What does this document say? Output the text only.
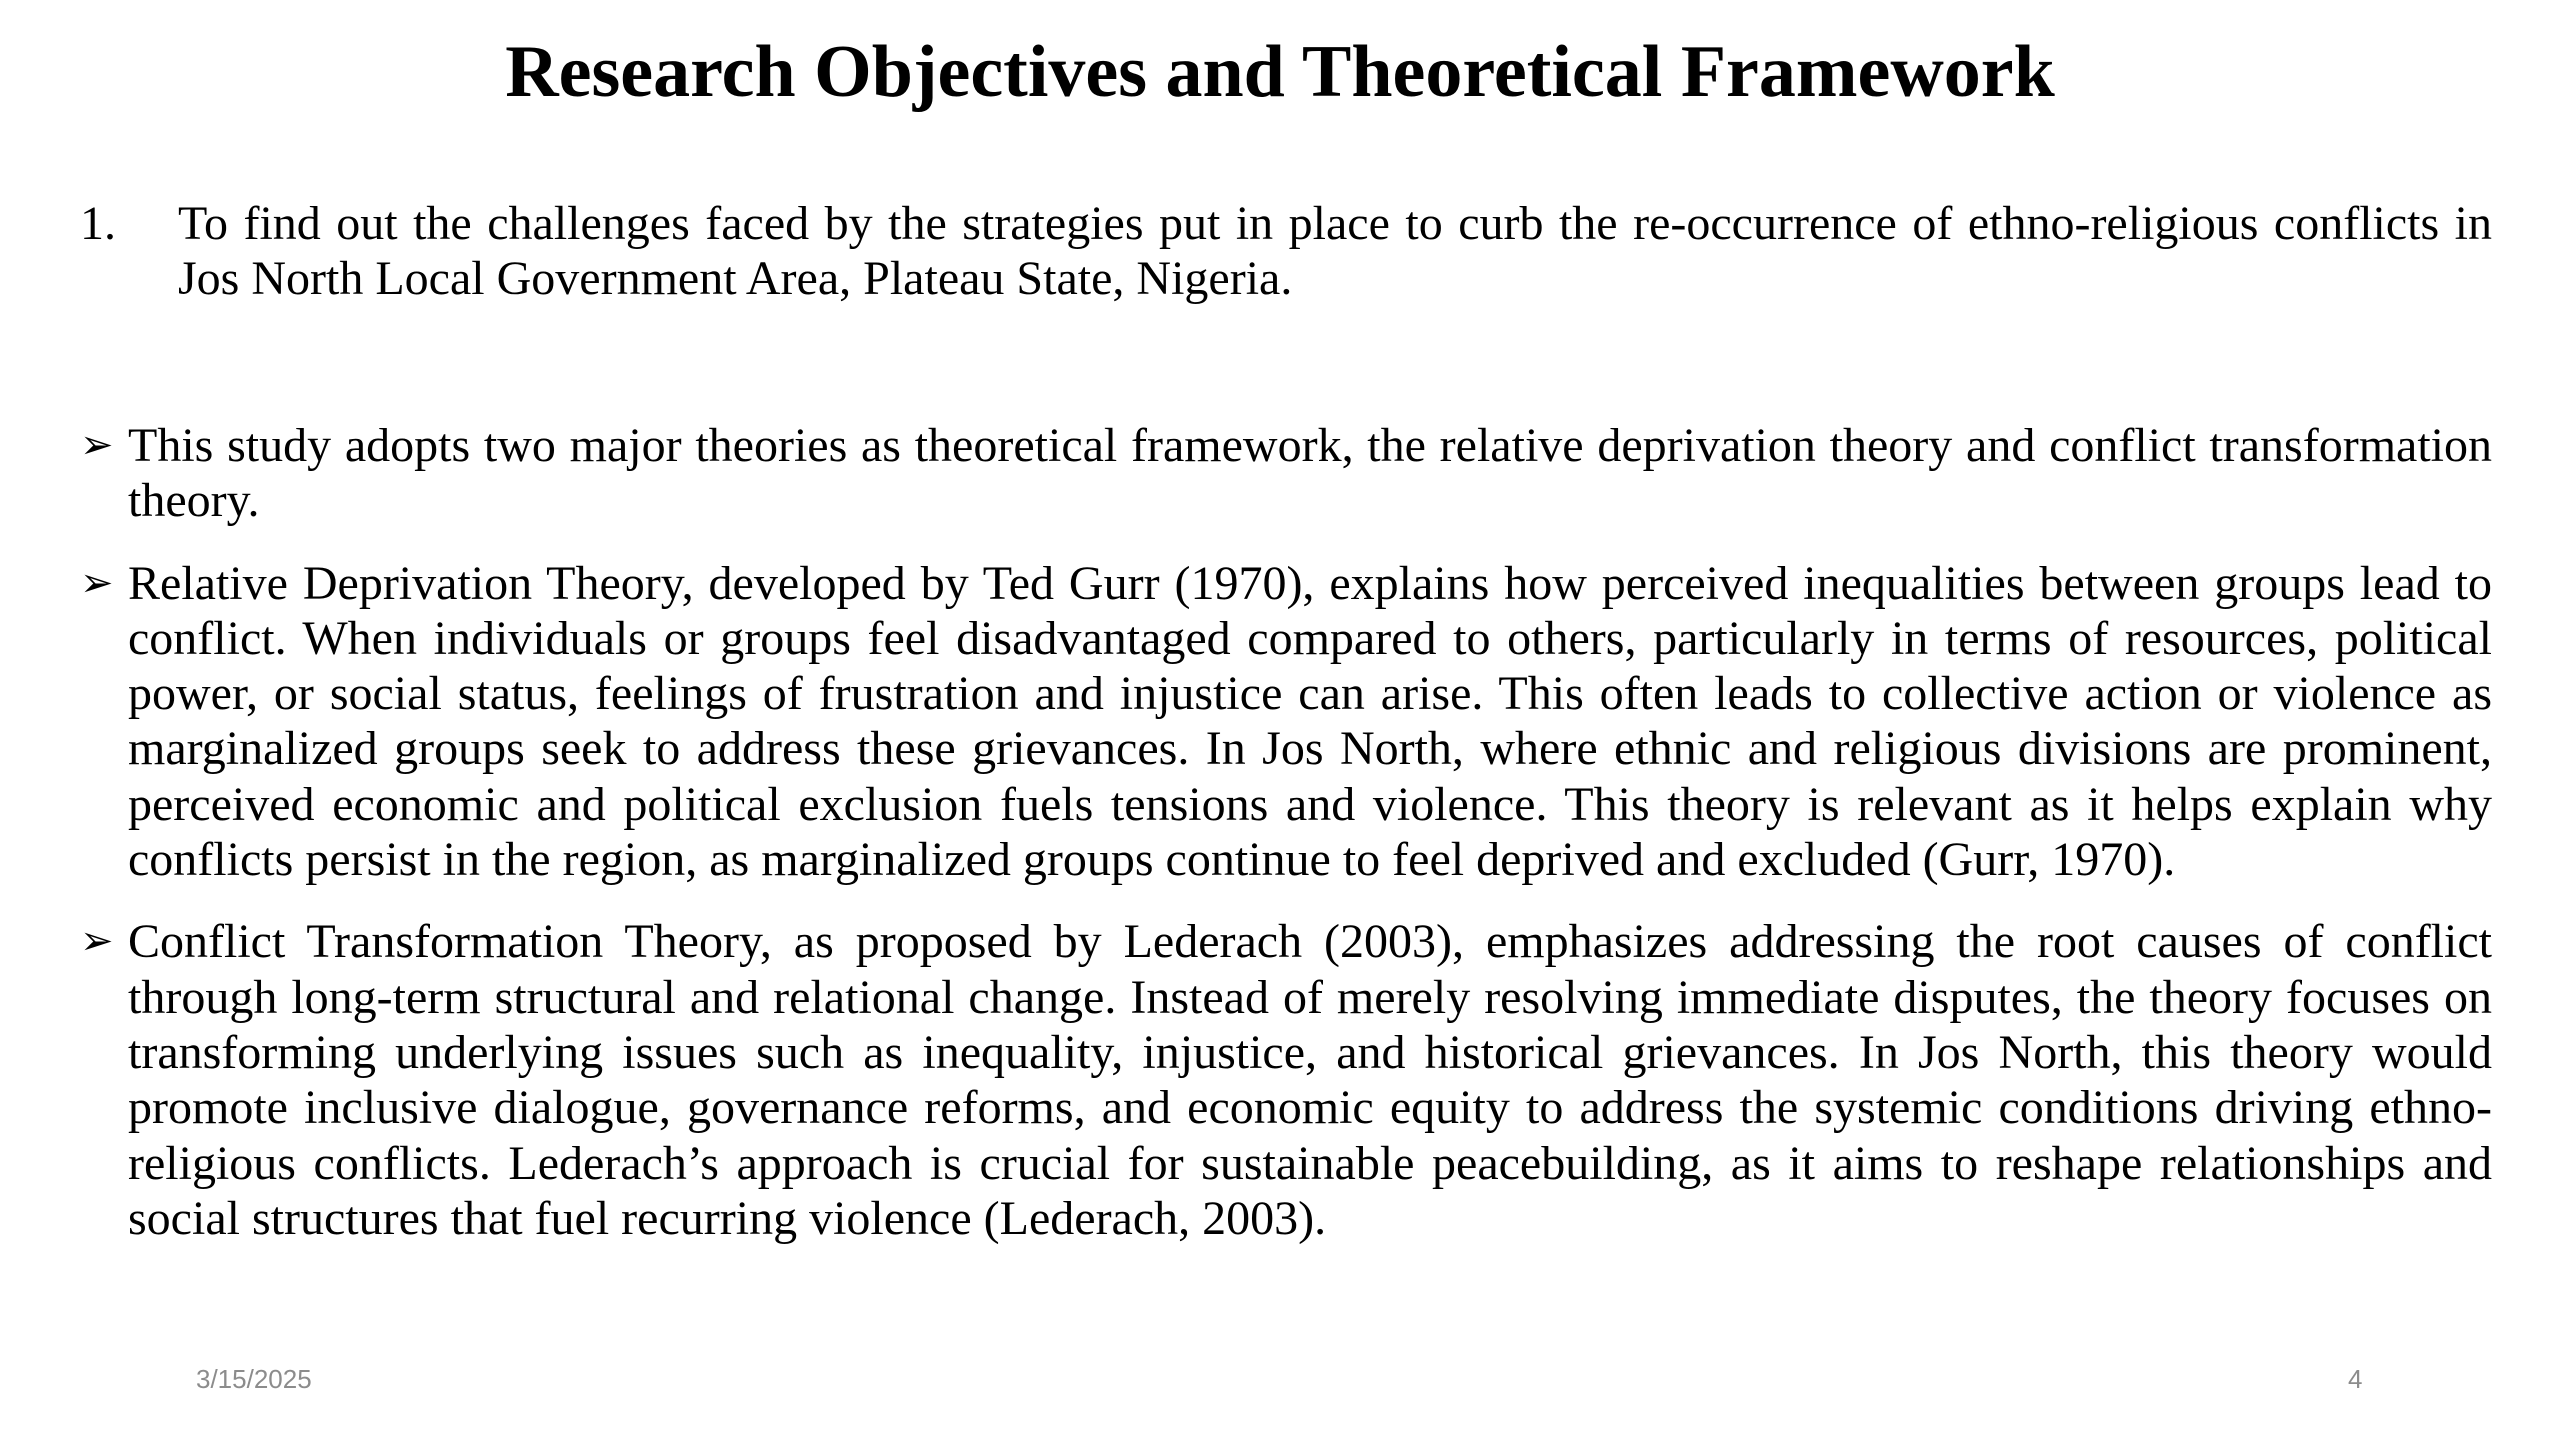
Research Objectives and Theoretical Framework
1. To find out the challenges faced by the strategies put in place to curb the re-occurrence of ethno-religious conflicts in Jos North Local Government Area, Plateau State, Nigeria.
➢ This study adopts two major theories as theoretical framework, the relative deprivation theory and conflict transformation theory.
➢ Relative Deprivation Theory, developed by Ted Gurr (1970), explains how perceived inequalities between groups lead to conflict. When individuals or groups feel disadvantaged compared to others, particularly in terms of resources, political power, or social status, feelings of frustration and injustice can arise. This often leads to collective action or violence as marginalized groups seek to address these grievances. In Jos North, where ethnic and religious divisions are prominent, perceived economic and political exclusion fuels tensions and violence. This theory is relevant as it helps explain why conflicts persist in the region, as marginalized groups continue to feel deprived and excluded (Gurr, 1970).
➢ Conflict Transformation Theory, as proposed by Lederach (2003), emphasizes addressing the root causes of conflict through long-term structural and relational change. Instead of merely resolving immediate disputes, the theory focuses on transforming underlying issues such as inequality, injustice, and historical grievances. In Jos North, this theory would promote inclusive dialogue, governance reforms, and economic equity to address the systemic conditions driving ethno-religious conflicts. Lederach’s approach is crucial for sustainable peacebuilding, as it aims to reshape relationships and social structures that fuel recurring violence (Lederach, 2003).
3/15/2025	4
